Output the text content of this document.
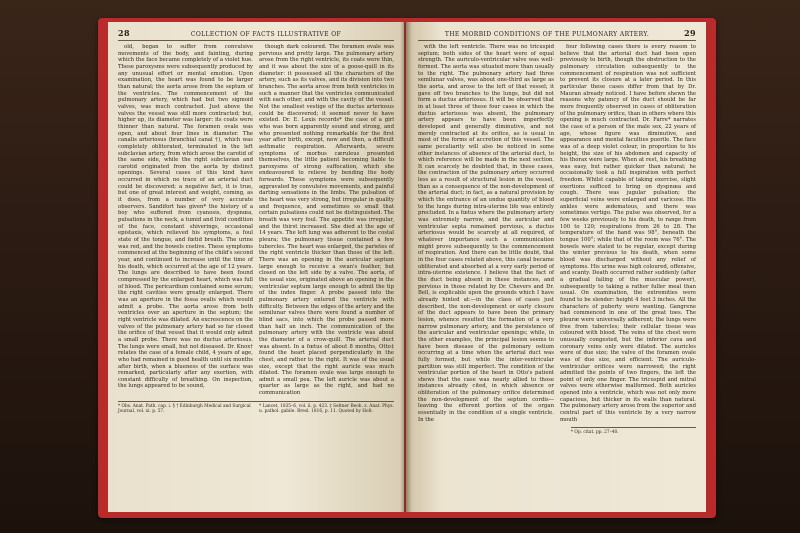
28	COLLECTION OF FACTS ILLUSTRATIVE OF

old, began to suffer from convulsive movements of the body, and fainting, during which the face became completely of a violet hue. These paroxysms were subsequently produced by any unusual effort or mental emotion. Upon examination, the heart was found to be larger than natural; the aorta arose from the septum of the ventricles. The commencement of the pulmonary artery, which had but two sigmoid valves, was much contracted. Just above the valves the vessel was still more contracted; but, higher up, its diameter was larger: its coats were thinner than natural. The foramen ovale was open, and about four lines in diameter. The canalis arteriosus (branchial canal †), which was completely obliterated, terminated in the left subclavian artery, from which arose the carotid of the same side, while the right subclavian and carotid originated from the aorta by distinct openings. Several cases of this kind have occurred in which no trace of an arterial duct could be discovered; a negative fact, it is true, but one of great interest and weight, coming, as it does, from a number of very accurate observers. Sandifort has given* the history of a boy who suffered from cyanosis, dyspnœa, pulsations in the neck, a tumid and livid condition of the face, constant shiverings, occasional epistaxis, which relieved his symptoms, a foul state of the tongue, and fœtid breath. The urine was red, and the bowels costive. These symptoms commenced at the beginning of the child's second year, and continued to increase until the time of his death, which occurred at the age of 12 years. The lungs are described to have been found compressed by the enlarged heart, which was full of blood. The pericardium contained some serum; the right cavities were greatly enlarged. There was an aperture in the fossa ovalis which would admit a probe. The aorta arose from both ventricles over an aperture in the septum; the right ventricle was dilated. An excrescence on the valves of the pulmonary artery had so far closed the orifice of that vessel that it would only admit a small probe. There was no ductus arteriosus. The lungs were small, but not diseased. Dr. Knox† relates the case of a female child, 4 years of age, who had remained in good health until six months after birth, when a blueness of the surface was remarked, particularly after any exertion, with constant difficulty of breathing. On inspection, the lungs appeared to be sound,

though dark coloured. The foramen ovale was pervious and pretty large. The pulmonary artery arose from the right ventricle, its coats were thin, and it was about the size of a goose-quill in its diameter: it possessed all the characters of the artery, such as its valves, and its division into two branches. The aorta arose from both ventricles in such a manner that the ventricles communicated with each other, and with the cavity of the vessel. Not the smallest vestige of the ductus arteriosus could be discovered; it seemed never to have existed. Dr. E. Lexis records* the case of a girl who was born apparently sound and strong, and who presented nothing remarkable for the first year after birth, except, now and then, a difficult asthmatic respiration. Afterwards, severe symptoms of morbus cæruleus presented themselves, the little patient becoming liable to paroxysms of strong suffocation, which she endeavoured to relieve by bending the body forwards. These symptoms were subsequently aggravated by convulsive movements, and painful darting sensations in the limbs. The pulsation of the heart was very strong, but irregular in quality and frequence, and sometimes so small that certain pulsations could not be distinguished. The breath was very foul. The appetite was irregular, and the thirst increased. She died at the age of 14 years. The left lung was adherent to the costal pleura; the pulmonary tissue contained a few tubercles. The heart was enlarged, the parietes of the right ventricle thicker than those of the left. There was an opening in the auricular septum large enough to receive a swan's feather, but closed on the left side by a valve. The aorta, of the usual size, originated above an opening in the ventricular septum large enough to admit the tip of the index finger. A probe passed into the pulmonary artery entered the ventricle with difficulty. Between the edges of the artery and the semilunar valves there were found a number of blind sacs, into which the probe passed more than half an inch. The communication of the pulmonary artery with the ventricle was about the diameter of a crow-quill. The arterial duct was absent. In a fœtus of about 8 months, Otto‡ found the heart placed perpendicularly in the chest, and rather to the right. It was of the usual size, except that the right auricle was much dilated. The foramen ovale was large enough to admit a small pea. The left auricle was about a quarter as large as the right, and had no communication

* Obs. Anat. Path. cap. i. § † Edinburgh Medical and Surgical Journal, vol. xi. p. 57.
* Lancet, 1835–6, vol. ii. p. 423. ‡ Seltner Beob. z. Anat. Phys. u. pathol. gabile. Bresl. 1816, p. 11. Quoted by Holt.
THE MORBID CONDITIONS OF THE PULMONARY ARTERY.	29

with the left ventricle. There was no tricuspid septum; both sides of the heart were of equal strength. The auriculo-ventricular valve was well-formed. The aorta was situated more than usually to the right. The pulmonary artery had three semilunar valves, was about one-third as large as the aorta, and arose to the left of that vessel; it gave off two branches to the lungs, but did not form a ductus arteriosus. It will be observed that in at least three of these four cases in which the ductus arteriosus was absent, the pulmonary artery appears to have been imperfectly developed and generally diminutive, and not merely contracted at its orifice, as is usual in most of the forms of accretion of this vessel. The same peculiarity will also be noticed in some other instances of absence of the arterial duct, to which reference will be made in the next section. It can scarcely be doubted that, in these cases, the contraction of the pulmonary artery occurred less as a result of structural lesion in the vessel, than as a consequence of the non-development of the arterial duct; in fact, as a natural provision by which the entrance of an undue quantity of blood to the lungs during intra-uterine life was entirely precluded. In a fœtus where the pulmonary artery was extremely narrow, and the auricular and ventricular septa remained pervious, a ductus arteriosus would be scarcely at all required, of whatever importance such a communication might prove subsequently to the commencement of respiration. And there can be little doubt, that in the four cases related above, this canal became obliterated and absorbed at a very early period of intra-uterine existence. I believe that the fact of the duct being absent in these instances, and pervious in those related by Dr. Chevers and Dr. Bell, is explicable upon the grounds which I have already hinted at:—in the class of cases just described, the non-development or early closure of the duct appears to have been the primary lesion, whence resulted the formation of a very narrow pulmonary artery, and the persistence of the auricular and ventricular openings; while, in the other examples, the principal lesion seems to have been disease of the pulmonary ostium occurring at a time when the arterial duct was fully formed, but while the inter-ventricular partition was still imperfect. The condition of the ventricular portion of the heart in Otto's patient shews that the case was nearly allied to those instances already cited, in which absence or obliteration of the pulmonary orifice determined the non-development of the septum cordis—leaving the efferent portion of the organ essentially in the condition of a single ventricle. In the

four following cases there is every reason to believe that the arterial duct had been open previously to birth, though the obstruction to the pulmonary circulation subsequently to the commencement of respiration was not sufficient to prevent its closure at a later period. In this particular these cases differ from that by Dr. Mauran already noticed. I have before shewn the reasons why patency of the duct should be far more frequently observed in cases of obliteration of the pulmonary orifice, than in others where this opening is much contracted. Dr. Farre* narrates the case of a person of the male sex, 22 years of age, whose figure was diminutive, and appearance and mental faculties puerile. The face was of a deep violet colour, in proportion to his height, the size of his abdomen and capacity of his thorax were large. When at rest, his breathing was easy, but rather quicker than natural; he occasionally took a full inspiration with perfect freedom. Whilst capable of taking exercise, slight exertions sufficed to bring on dyspnœa and cough. There was jugular pulsation; the superficial veins were enlarged and varicose. His ankles were ædematous, and there was sometimes vertigo. The pulse was observed, for a few weeks previously to his death, to range from 100 to 120; respirations from 26 to 28. The temperature of the hand was 98°, beneath the tongue 100°; while that of the room was 76°. The bowels were stated to be regular, except during the winter previous to his death, when some blood was discharged without any relief of symptoms. His urine was high coloured, offensive, and scanty. Death occurred rather suddenly (after a gradual failing of the muscular power), subsequently to taking a rather fuller meal than usual. On examination, the extremities were found to be slender: height 4 feet 3 inches. All the characters of puberty were wanting. Gangrene had commenced in one of the great toes. The pleuræ were universally adherent; the lungs were free from tubercles; their cellular tissue was coloured with blood. The veins of the chest were unusually congested, but the inferior cava and coronary veins only were dilated. The auricles were of due size; the valve of the foramen ovale was of due size, and efficient. The auriculo-ventricular orifices were narrowed; the right admitted the points of two fingers, the left the point of only one finger. The tricuspid and mitral valves were otherwise malformed. Both auricles opened into a ventricle, which was not only more capacious, but thicker in its walls than natural. The pulmonary artery arose from the superior and central part of this ventricle by a very narrow mouth

* Op. citat. pp. 27–40.
